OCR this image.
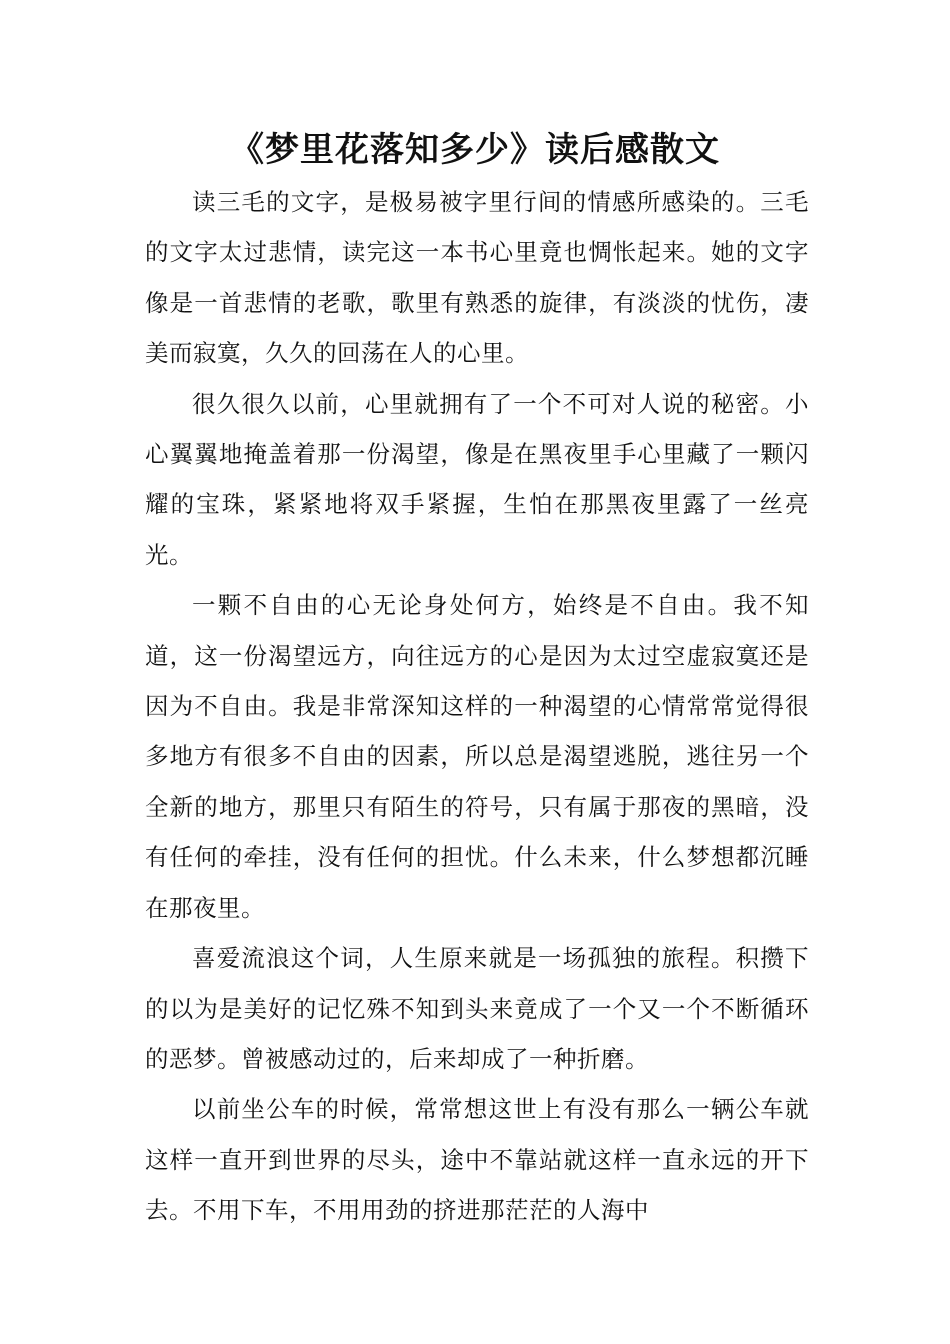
《梦里花落知多少》读后感散文

读三毛的文字，是极易被字里行间的情感所感染的。三毛的文字太过悲情，读完这一本书心里竟也惆怅起来。她的文字像是一首悲情的老歌，歌里有熟悉的旋律，有淡淡的忧伤，凄美而寂寞，久久的回荡在人的心里。

很久很久以前，心里就拥有了一个不可对人说的秘密。小心翼翼地掩盖着那一份渴望，像是在黑夜里手心里藏了一颗闪耀的宝珠，紧紧地将双手紧握，生怕在那黑夜里露了一丝亮光。

一颗不自由的心无论身处何方，始终是不自由。我不知道，这一份渴望远方，向往远方的心是因为太过空虚寂寞还是因为不自由。我是非常深知这样的一种渴望的心情常常觉得很多地方有很多不自由的因素，所以总是渴望逃脱，逃往另一个全新的地方，那里只有陌生的符号，只有属于那夜的黑暗，没有任何的牵挂，没有任何的担忧。什么未来，什么梦想都沉睡在那夜里。

喜爱流浪这个词，人生原来就是一场孤独的旅程。积攒下的以为是美好的记忆殊不知到头来竟成了一个又一个不断循环的恶梦。曾被感动过的，后来却成了一种折磨。

以前坐公车的时候，常常想这世上有没有那么一辆公车就这样一直开到世界的尽头，途中不靠站就这样一直永远的开下去。不用下车，不用用劲的挤进那茫茫的人海中
